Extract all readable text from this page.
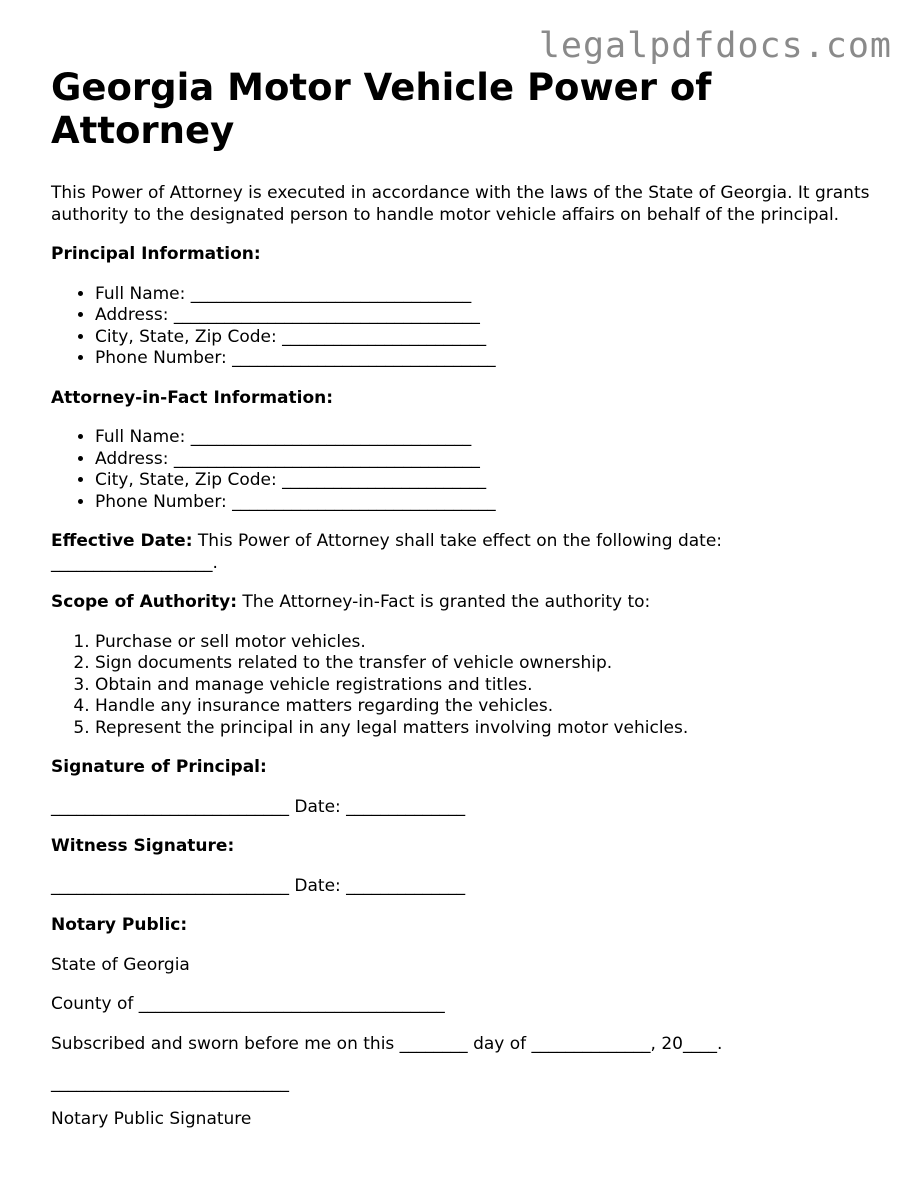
legalpdfdocs.com
Georgia Motor Vehicle Power of Attorney

This Power of Attorney is executed in accordance with the laws of the State of Georgia. It grants authority to the designated person to handle motor vehicle affairs on behalf of the principal.

Principal Information:
• Full Name: _________________________________
• Address: ____________________________________
• City, State, Zip Code: ________________________
• Phone Number: _______________________________
Attorney-in-Fact Information:
• Full Name: _________________________________
• Address: ____________________________________
• City, State, Zip Code: ________________________
• Phone Number: _______________________________

Effective Date: This Power of Attorney shall take effect on the following date: ___________________.

Scope of Authority: The Attorney-in-Fact is granted the authority to:

1. Purchase or sell motor vehicles.
2. Sign documents related to the transfer of vehicle ownership.
3. Obtain and manage vehicle registrations and titles.
4. Handle any insurance matters regarding the vehicles.
5. Represent the principal in any legal matters involving motor vehicles.
Signature of Principal:

____________________________ Date: ______________

Witness Signature:

____________________________ Date: ______________

Notary Public:

State of Georgia

County of ____________________________________

Subscribed and sworn before me on this ________ day of ______________, 20____.

____________________________

Notary Public Signature
